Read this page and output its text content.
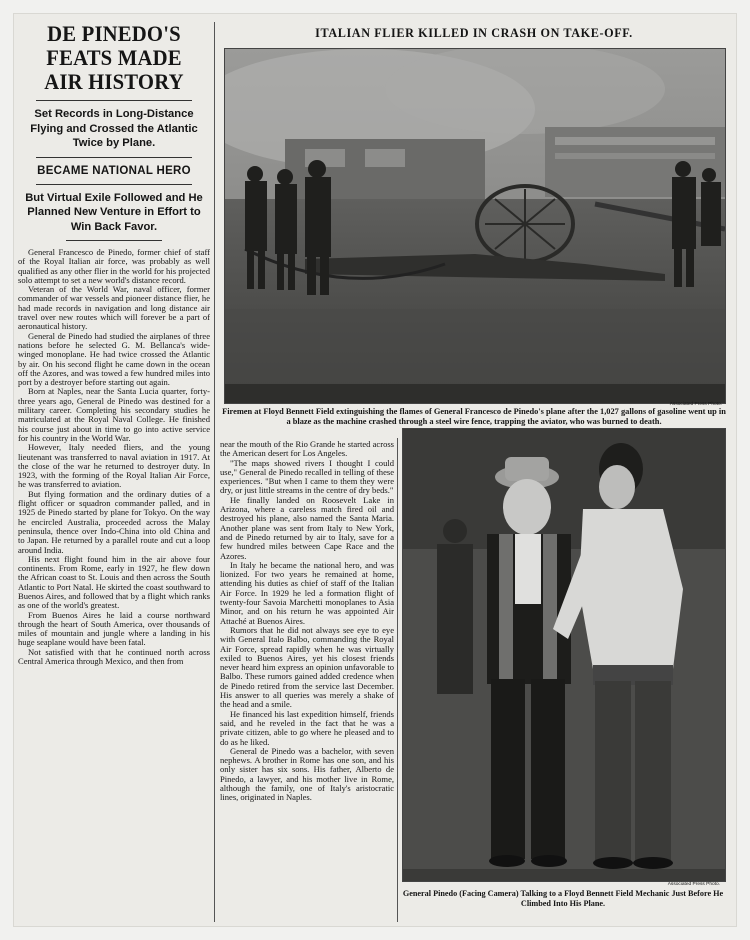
DE PINEDO'S FEATS MADE AIR HISTORY
Set Records in Long-Distance Flying and Crossed the Atlantic Twice by Plane.
BECAME NATIONAL HERO
But Virtual Exile Followed and He Planned New Venture in Effort to Win Back Favor.

General Francesco de Pinedo, former chief of staff of the Royal Italian air force, was probably as well qualified as any other flier in the world for his projected solo attempt to set a new world's distance record.

Veteran of the World War, naval officer, former commander of war vessels and pioneer distance flier, he had made records in navigation and long distance air travel over new routes which will forever be a part of aeronautical history.

General de Pinedo had studied the airplanes of three nations before he selected G. M. Bellanca's wide-winged monoplane. He had twice crossed the Atlantic by air. On his second flight he came down in the ocean off the Azores, and was towed a few hundred miles into port by a destroyer before starting out again.

Born at Naples, near the Santa Lucia quarter, forty-three years ago, General de Pinedo was destined for a military career. Completing his secondary studies he matriculated at the Royal Naval College. He finished his course just about in time to go into active service for his country in the World War.

However, Italy needed fliers, and the young lieutenant was transferred to naval aviation in 1917. At the close of the war he returned to destroyer duty. In 1923, with the forming of the Royal Italian Air Force, he was transferred to aviation.

But flying formation and the ordinary duties of a flight officer or squadron commander palled, and in 1925 de Pinedo started by plane for Tokyo. On the way he encircled Australia, proceeded across the Malay peninsula, thence over Indo-China into old China and to Japan. He returned by a parallel route and cut a loop around India.

His next flight found him in the air above four continents. From Rome, early in 1927, he flew down the African coast to St. Louis and then across the South Atlantic to Port Natal. He skirted the coast southward to Buenos Aires, and followed that by a flight which ranks as one of the world's greatest.

From Buenos Aires he laid a course northward through the heart of South America, over thousands of miles of mountain and jungle where a landing in his huge seaplane would have been fatal.

Not satisfied with that he continued north across Central America through Mexico, and then from

ITALIAN FLIER KILLED IN CRASH ON TAKE-OFF.
Associated Press Photo.
Firemen at Floyd Bennett Field extinguishing the flames of General Francesco de Pinedo's plane after the 1,027 gallons of gasoline went up in a blaze as the machine crashed through a steel wire fence, trapping the aviator, who was burned to death.

near the mouth of the Rio Grande he started across the American desert for Los Angeles.

"The maps showed rivers I thought I could use," General de Pinedo recalled in telling of these experiences. "But when I came to them they were dry, or just little streams in the centre of dry beds."

He finally landed on Roosevelt Lake in Arizona, where a careless match fired oil and destroyed his plane, also named the Santa Maria. Another plane was sent from Italy to New York, and de Pinedo returned by air to Italy, save for a few hundred miles between Cape Race and the Azores.

In Italy he became the national hero, and was lionized. For two years he remained at home, attending his duties as chief of staff of the Italian Air Force. In 1929 he led a formation flight of twenty-four Savoia Marchetti monoplanes to Asia Minor, and on his return he was appointed Air Attaché at Buenos Aires.

Rumors that he did not always see eye to eye with General Italo Balbo, commanding the Royal Air Force, spread rapidly when he was virtually exiled to Buenos Aires, yet his closest friends never heard him express an opinion unfavorable to Balbo. These rumors gained added credence when de Pinedo retired from the service last December. His answer to all queries was merely a shake of the head and a smile.

He financed his last expedition himself, friends said, and he reveled in the fact that he was a private citizen, able to go where he pleased and to do as he liked.

General de Pinedo was a bachelor, with seven nephews. A brother in Rome has one son, and his only sister has six sons. His father, Alberto de Pinedo, a lawyer, and his mother live in Rome, although the family, one of Italy's aristocratic lines, originated in Naples.

Associated Press Photo.
General Pinedo (Facing Camera) Talking to a Floyd Bennett Field Mechanic Just Before He Climbed Into His Plane.
